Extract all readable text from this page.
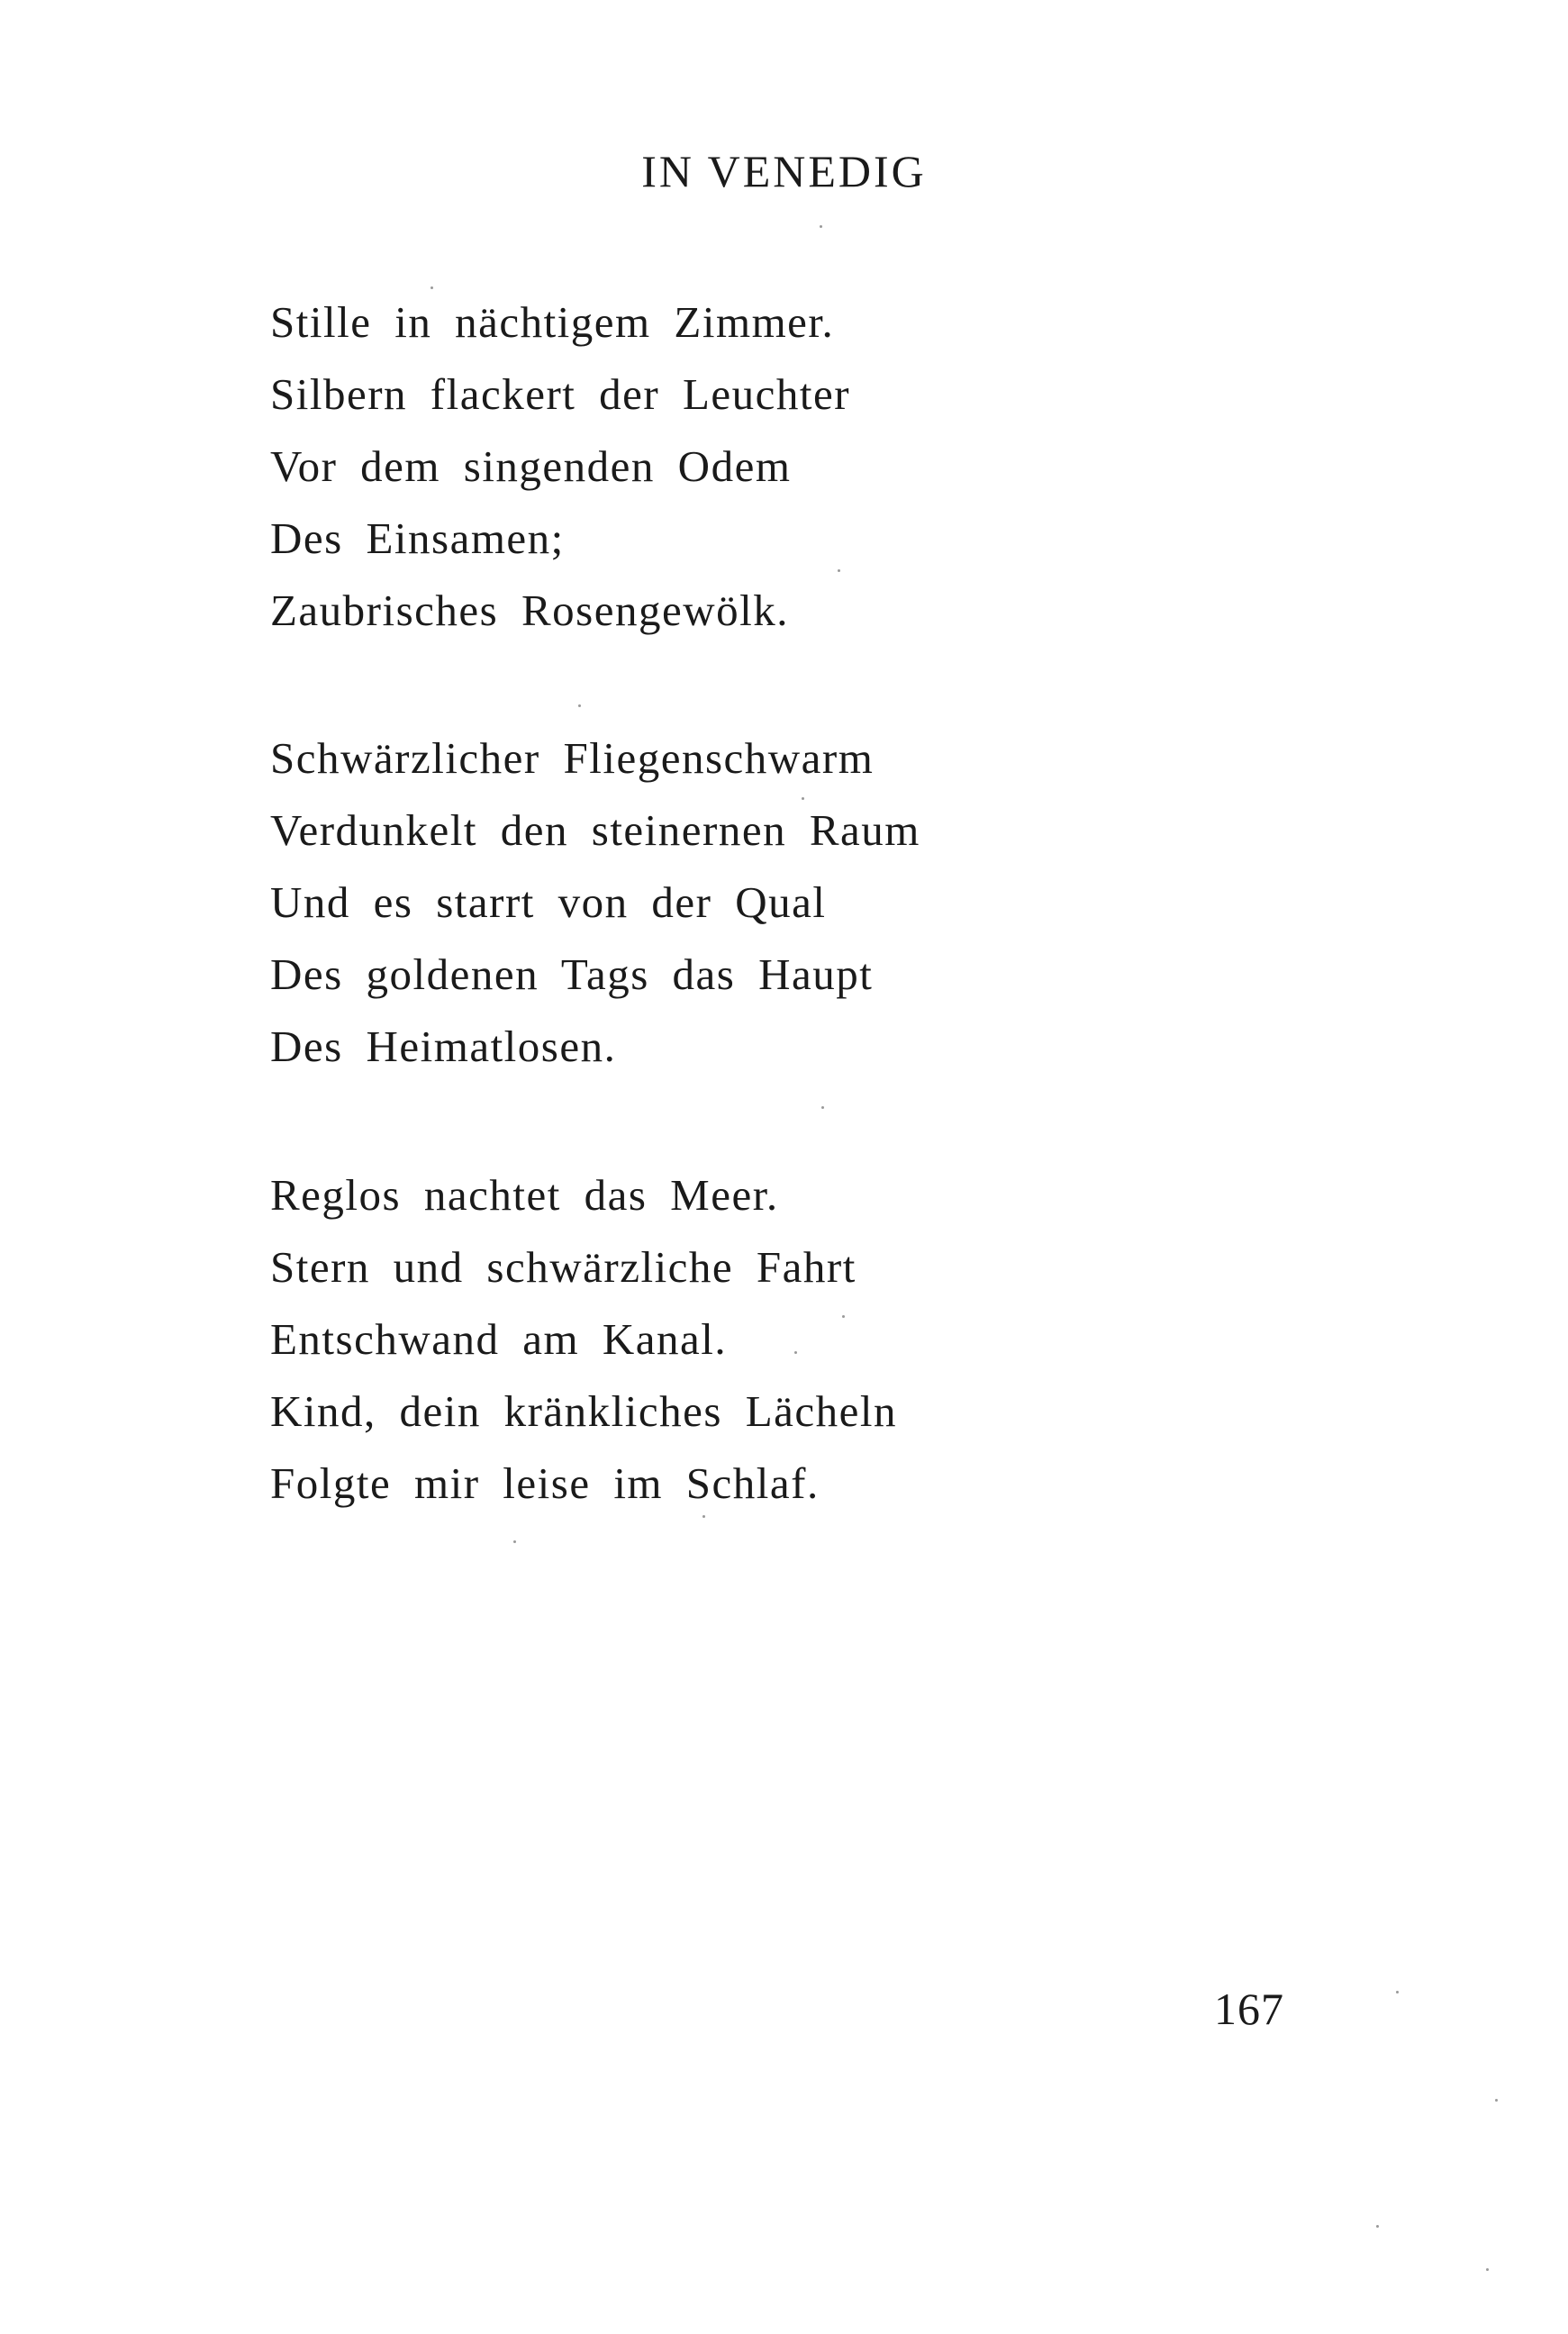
IN VENEDIG
Stille in nächtigem Zimmer.
Silbern flackert der Leuchter
Vor dem singenden Odem
Des Einsamen;
Zaubrisches Rosengewölk.
Schwärzlicher Fliegenschwarm
Verdunkelt den steinernen Raum
Und es starrt von der Qual
Des goldenen Tags das Haupt
Des Heimatlosen.
Reglos nachtet das Meer.
Stern und schwärzliche Fahrt
Entschwand am Kanal.
Kind, dein kränkliches Lächeln
Folgte mir leise im Schlaf.
167
